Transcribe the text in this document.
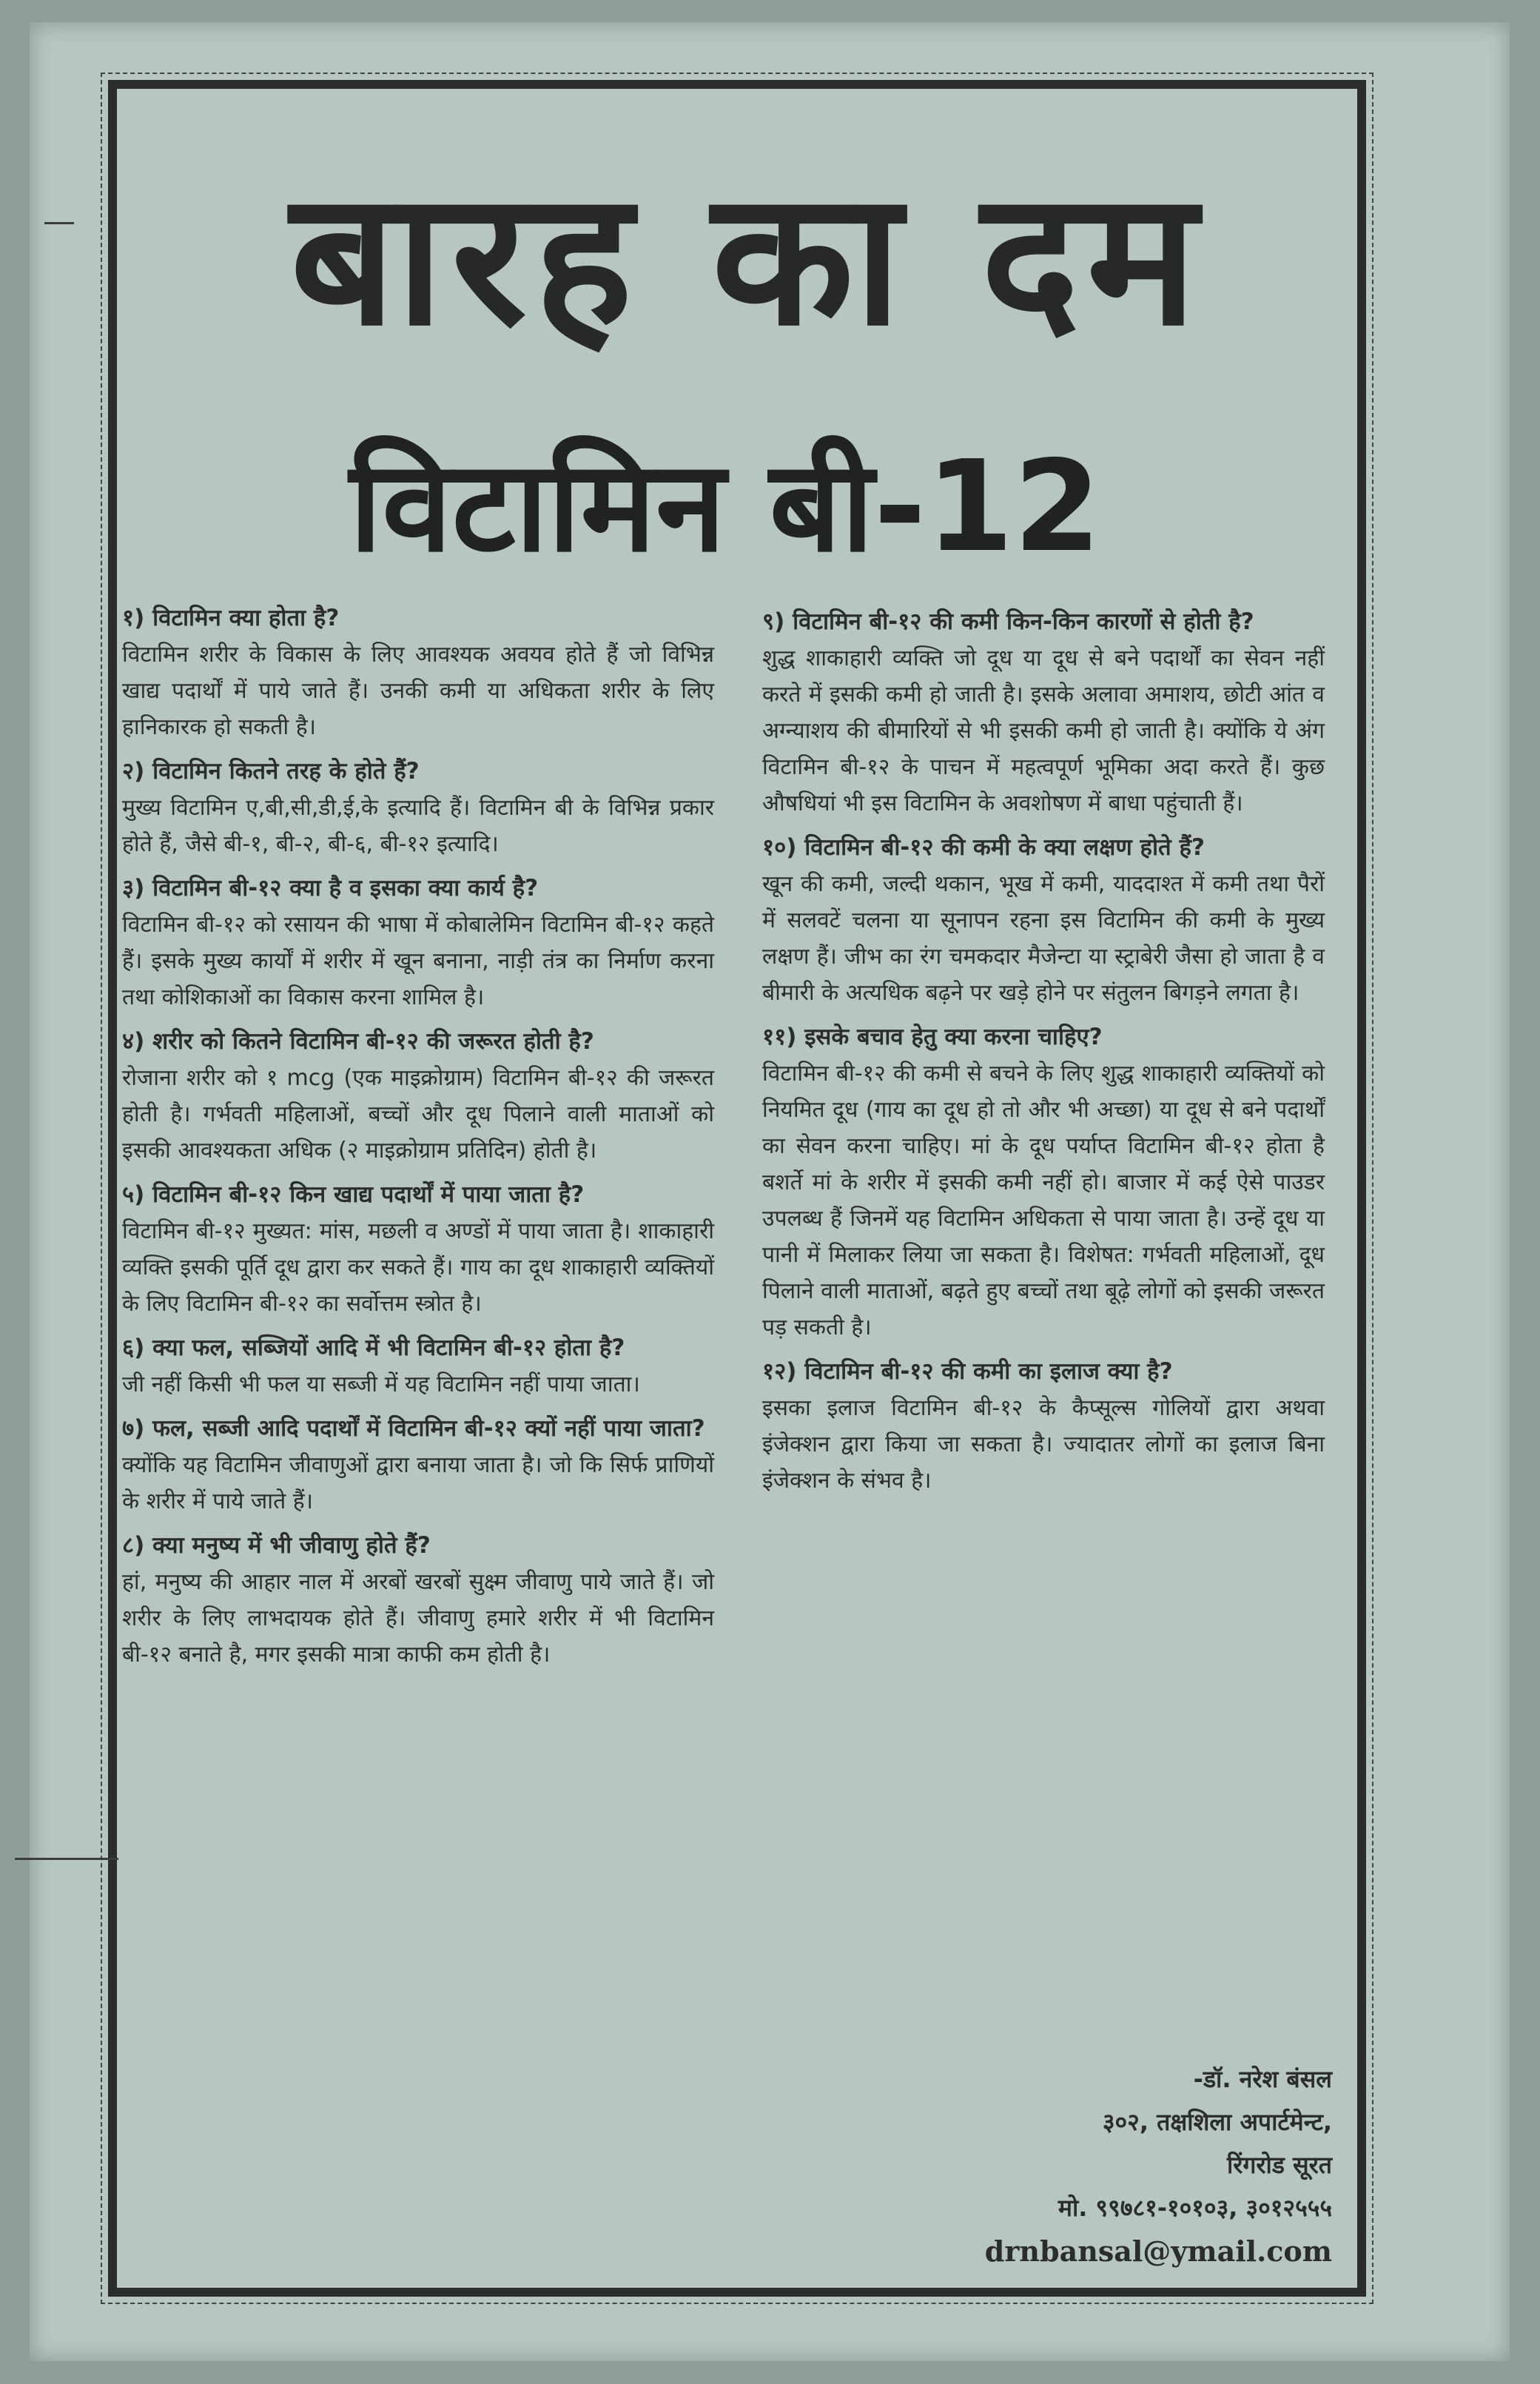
बारह का दम
विटामिन बी-12

१) विटामिन क्या होता है?

विटामिन शरीर के विकास के लिए आवश्यक अवयव होते हैं जो विभिन्न खाद्य पदार्थों में पाये जाते हैं। उनकी कमी या अधिकता शरीर के लिए हानिकारक हो सकती है।

२) विटामिन कितने तरह के होते हैं?

मुख्य विटामिन ए,बी,सी,डी,ई,के इत्यादि हैं। विटामिन बी के विभिन्न प्रकार होते हैं, जैसे बी-१, बी-२, बी-६, बी-१२ इत्यादि।

३) विटामिन बी-१२ क्या है व इसका क्या कार्य है?

विटामिन बी-१२ को रसायन की भाषा में कोबालेमिन विटामिन बी-१२ कहते हैं। इसके मुख्य कार्यों में शरीर में खून बनाना, नाड़ी तंत्र का निर्माण करना तथा कोशिकाओं का विकास करना शामिल है।

४) शरीर को कितने विटामिन बी-१२ की जरूरत होती है?

रोजाना शरीर को १ mcg (एक माइक्रोग्राम) विटामिन बी-१२ की जरूरत होती है। गर्भवती महिलाओं, बच्चों और दूध पिलाने वाली माताओं को इसकी आवश्यकता अधिक (२ माइक्रोग्राम प्रतिदिन) होती है।

५) विटामिन बी-१२ किन खाद्य पदार्थों में पाया जाता है?

विटामिन बी-१२ मुख्यत: मांस, मछली व अण्डों में पाया जाता है। शाकाहारी व्यक्ति इसकी पूर्ति दूध द्वारा कर सकते हैं। गाय का दूध शाकाहारी व्यक्तियों के लिए विटामिन बी-१२ का सर्वोत्तम स्त्रोत है।

६) क्या फल, सब्जियों आदि में भी विटामिन बी-१२ होता है?

जी नहीं किसी भी फल या सब्जी में यह विटामिन नहीं पाया जाता।

७) फल, सब्जी आदि पदार्थों में विटामिन बी-१२ क्यों नहीं पाया जाता?

क्योंकि यह विटामिन जीवाणुओं द्वारा बनाया जाता है। जो कि सिर्फ प्राणियों के शरीर में पाये जाते हैं।

८) क्या मनुष्य में भी जीवाणु होते हैं?

हां, मनुष्य की आहार नाल में अरबों खरबों सुक्ष्म जीवाणु पाये जाते हैं। जो शरीर के लिए लाभदायक होते हैं। जीवाणु हमारे शरीर में भी विटामिन बी-१२ बनाते है, मगर इसकी मात्रा काफी कम होती है।

९) विटामिन बी-१२ की कमी किन-किन कारणों से होती है?

शुद्ध शाकाहारी व्यक्ति जो दूध या दूध से बने पदार्थों का सेवन नहीं करते में इसकी कमी हो जाती है। इसके अलावा अमाशय, छोटी आंत व अग्न्याशय की बीमारियों से भी इसकी कमी हो जाती है। क्योंकि ये अंग विटामिन बी-१२ के पाचन में महत्वपूर्ण भूमिका अदा करते हैं। कुछ औषधियां भी इस विटामिन के अवशोषण में बाधा पहुंचाती हैं।

१०) विटामिन बी-१२ की कमी के क्या लक्षण होते हैं?

खून की कमी, जल्दी थकान, भूख में कमी, याददाश्त में कमी तथा पैरों में सलवटें चलना या सूनापन रहना इस विटामिन की कमी के मुख्य लक्षण हैं। जीभ का रंग चमकदार मैजेन्टा या स्ट्राबेरी जैसा हो जाता है व बीमारी के अत्यधिक बढ़ने पर खड़े होने पर संतुलन बिगड़ने लगता है।

११) इसके बचाव हेतु क्या करना चाहिए?

विटामिन बी-१२ की कमी से बचने के लिए शुद्ध शाकाहारी व्यक्तियों को नियमित दूध (गाय का दूध हो तो और भी अच्छा) या दूध से बने पदार्थों का सेवन करना चाहिए। मां के दूध पर्याप्त विटामिन बी-१२ होता है बशर्ते मां के शरीर में इसकी कमी नहीं हो। बाजार में कई ऐसे पाउडर उपलब्ध हैं जिनमें यह विटामिन अधिकता से पाया जाता है। उन्हें दूध या पानी में मिलाकर लिया जा सकता है। विशेषत: गर्भवती महिलाओं, दूध पिलाने वाली माताओं, बढ़ते हुए बच्चों तथा बूढ़े लोगों को इसकी जरूरत पड़ सकती है।

१२) विटामिन बी-१२ की कमी का इलाज क्या है?

इसका इलाज विटामिन बी-१२ के कैप्सूल्स गोलियों द्वारा अथवा इंजेक्शन द्वारा किया जा सकता है। ज्यादातर लोगों का इलाज बिना इंजेक्शन के संभव है।

-डॉ. नरेश बंसल
३०२, तक्षशिला अपार्टमेन्ट,
रिंगरोड सूरत
मो. ९९७८१-१०१०३, ३०१२५५५
drnbansal@ymail.com
